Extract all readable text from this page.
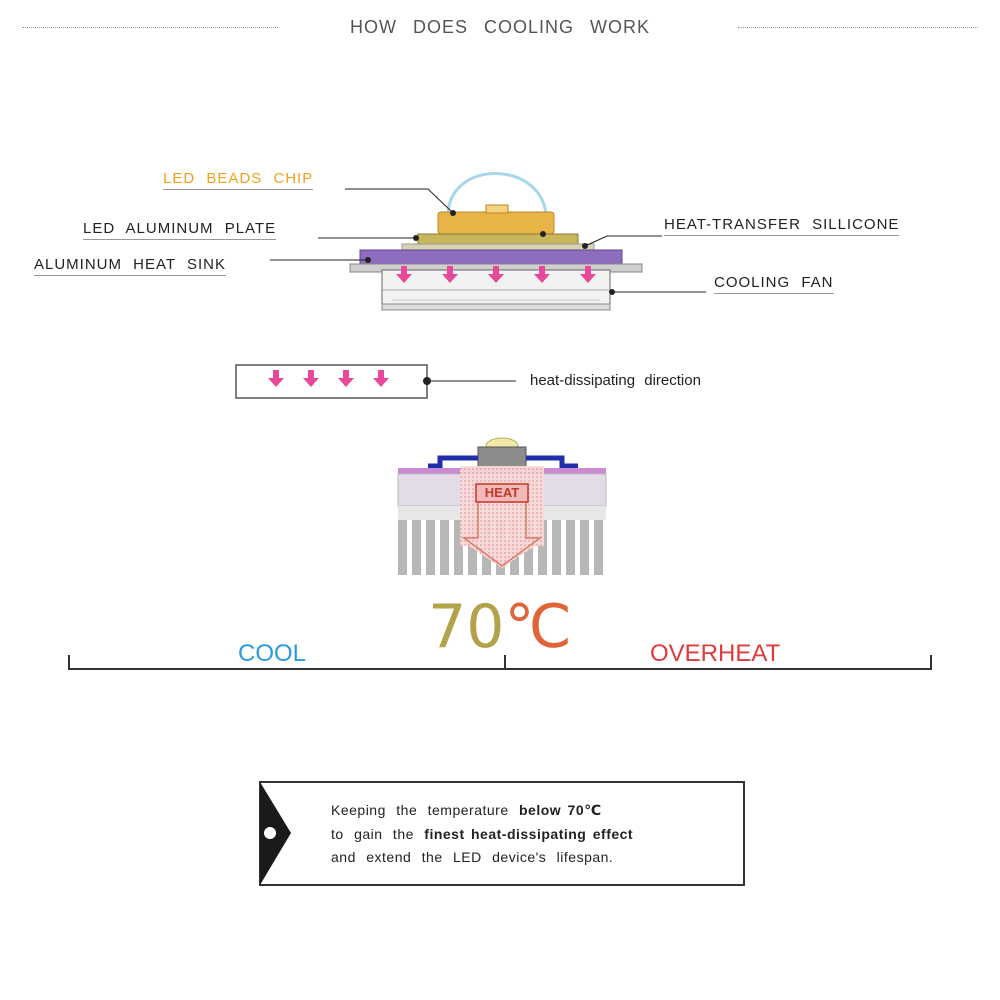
HOW DOES COOLING WORK
LED BEADS CHIP
LED ALUMINUM PLATE
ALUMINUM HEAT SINK
HEAT-TRANSFER SILLICONE
COOLING FAN
heat-dissipating direction
HEAT
70℃
COOL	OVERHEAT
Keeping the temperature below 70℃
to gain the finest heat-dissipating effect
and extend the LED device's lifespan.
